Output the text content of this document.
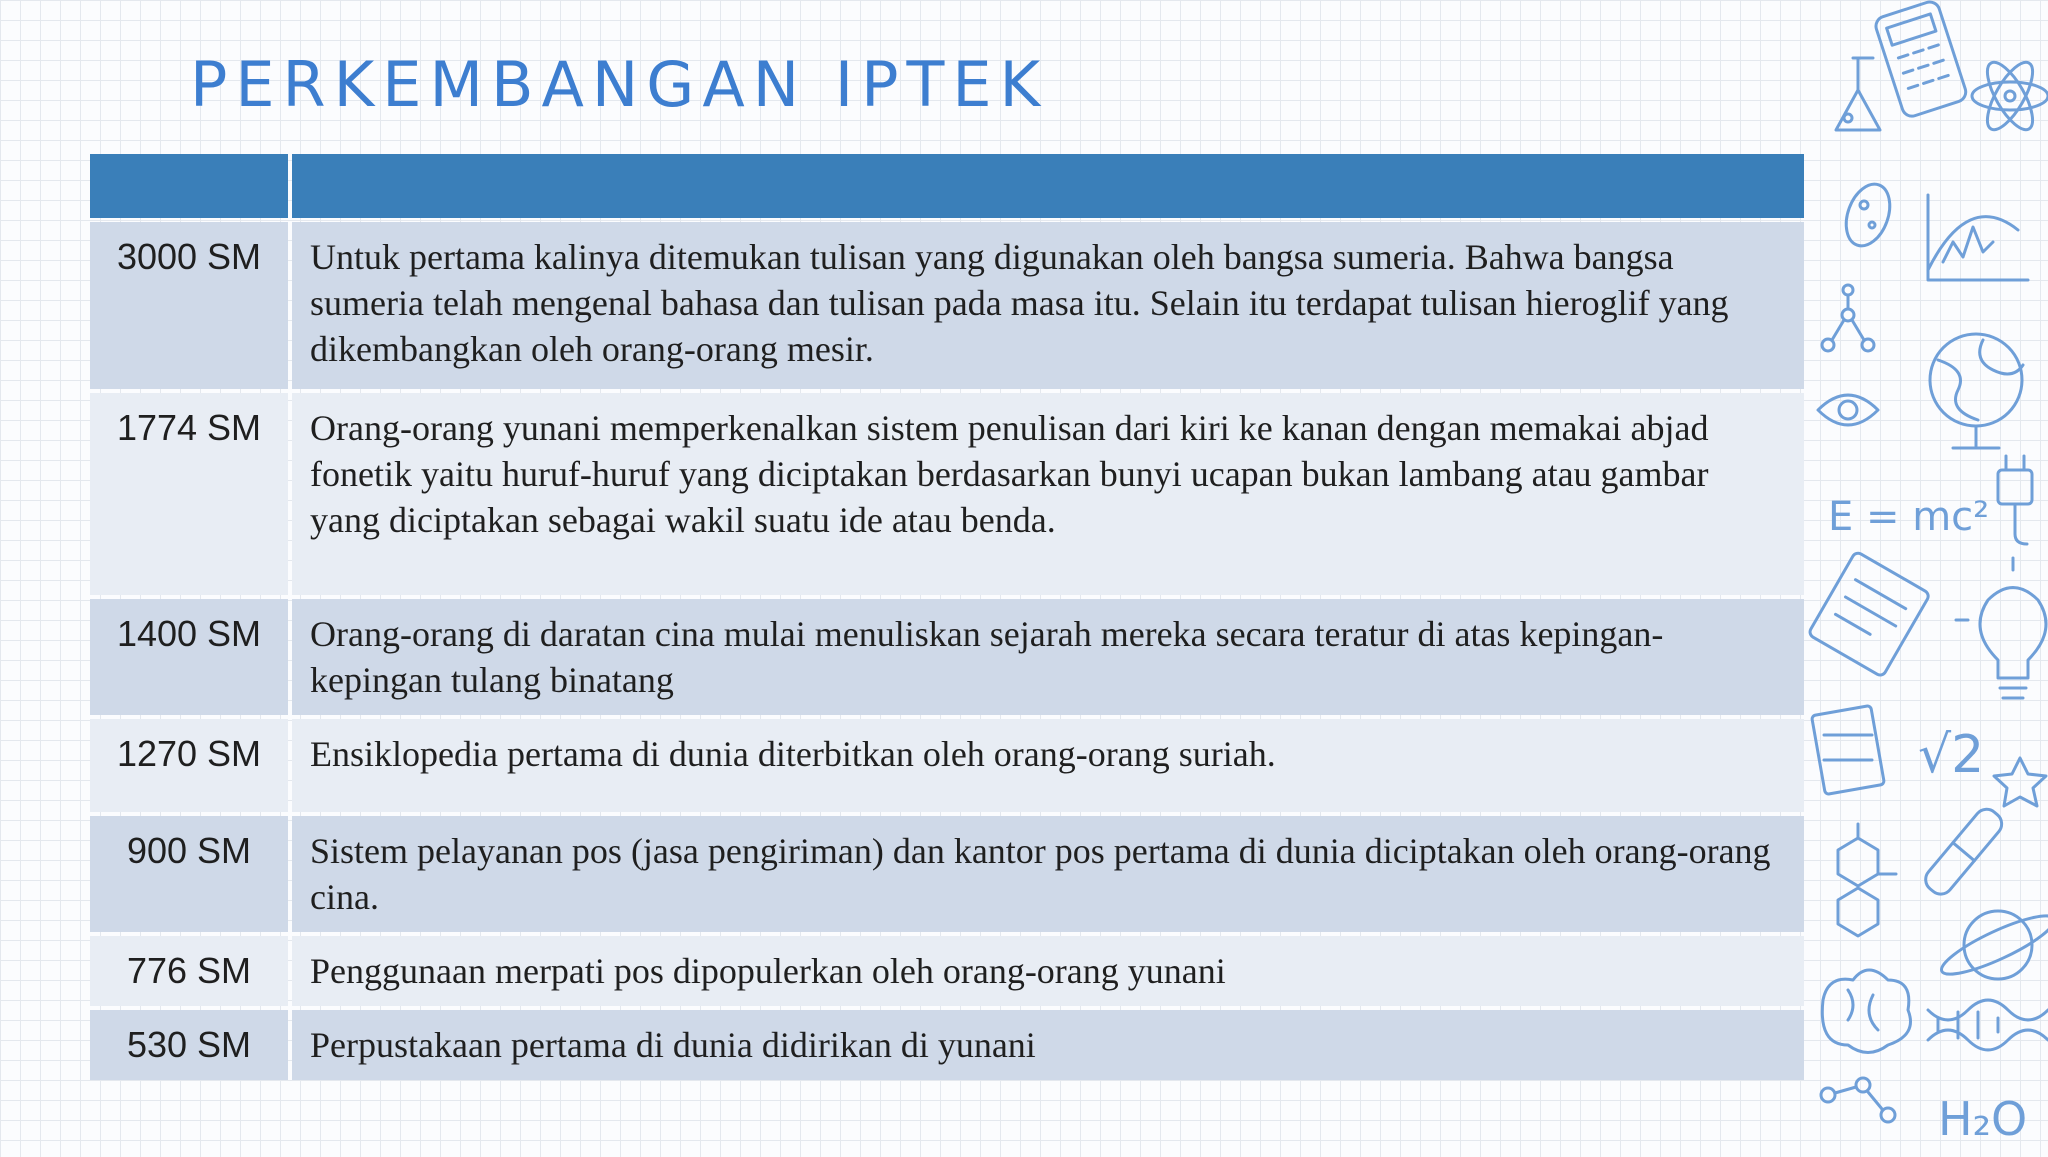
PERKEMBANGAN IPTEK

3000 SM	Untuk pertama kalinya ditemukan tulisan yang digunakan oleh bangsa sumeria. Bahwa bangsa sumeria telah mengenal bahasa dan tulisan pada masa itu. Selain itu terdapat tulisan hieroglif yang dikembangkan oleh orang-orang mesir.
1774 SM	Orang-orang yunani memperkenalkan sistem penulisan dari kiri ke kanan dengan memakai abjad fonetik yaitu huruf-huruf yang diciptakan berdasarkan bunyi ucapan bukan lambang atau gambar yang diciptakan sebagai wakil suatu ide atau benda.
1400 SM	Orang-orang di daratan cina mulai menuliskan sejarah mereka secara teratur di atas kepingan-kepingan tulang binatang
1270 SM	Ensiklopedia pertama di dunia diterbitkan oleh orang-orang suriah.
900 SM	Sistem pelayanan pos (jasa pengiriman) dan kantor pos pertama di dunia diciptakan oleh orang-orang cina.
776 SM	Penggunaan merpati pos dipopulerkan oleh orang-orang yunani
530 SM	Perpustakaan pertama di dunia didirikan di yunani
E = mc²
√2
H₂O
